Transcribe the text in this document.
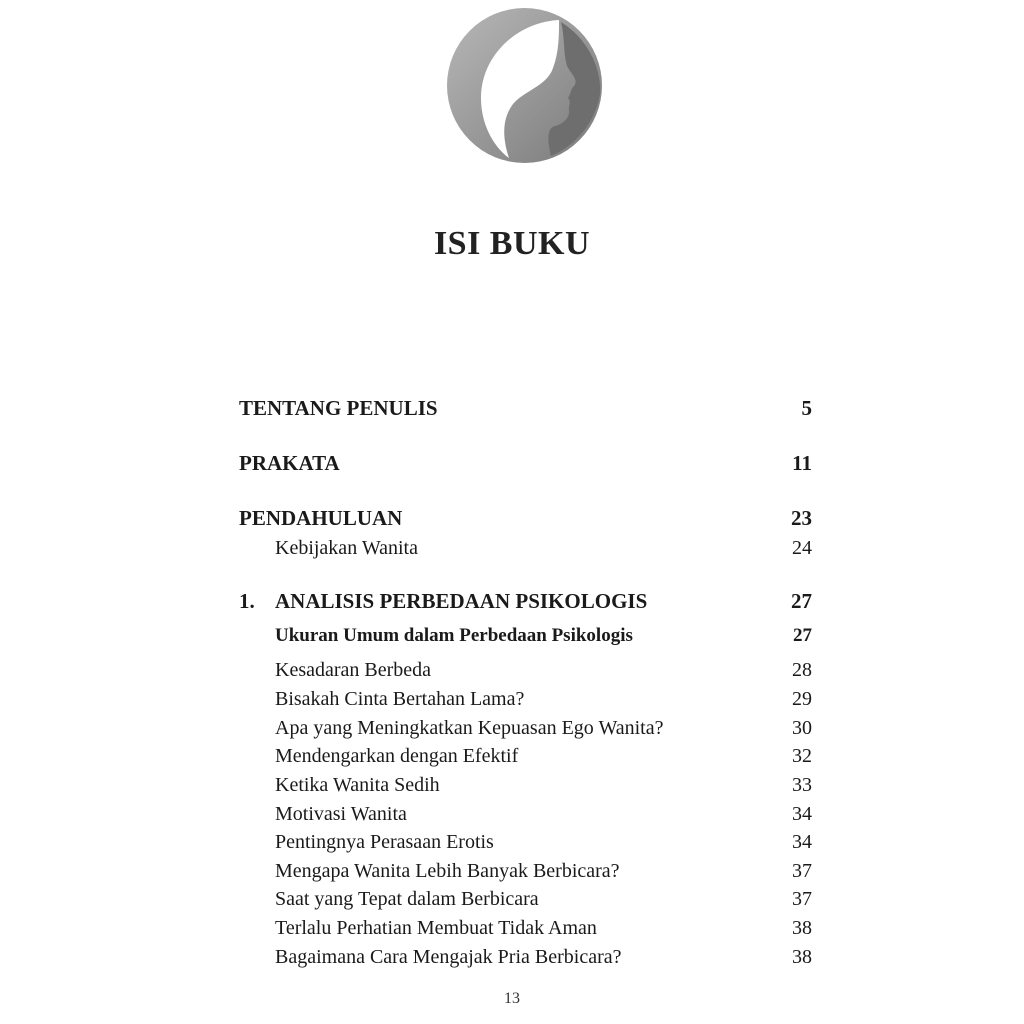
ISI BUKU
TENTANG PENULIS	5
PRAKATA	11
PENDAHULUAN	23
Kebijakan Wanita	24
1. ANALISIS PERBEDAAN PSIKOLOGIS	27
Ukuran Umum dalam Perbedaan Psikologis	27
Kesadaran Berbeda	28
Bisakah Cinta Bertahan Lama?	29
Apa yang Meningkatkan Kepuasan Ego Wanita?	30
Mendengarkan dengan Efektif	32
Ketika Wanita Sedih	33
Motivasi Wanita	34
Pentingnya Perasaan Erotis	34
Mengapa Wanita Lebih Banyak Berbicara?	37
Saat yang Tepat dalam Berbicara	37
Terlalu Perhatian Membuat Tidak Aman	38
Bagaimana Cara Mengajak Pria Berbicara?	38
13
